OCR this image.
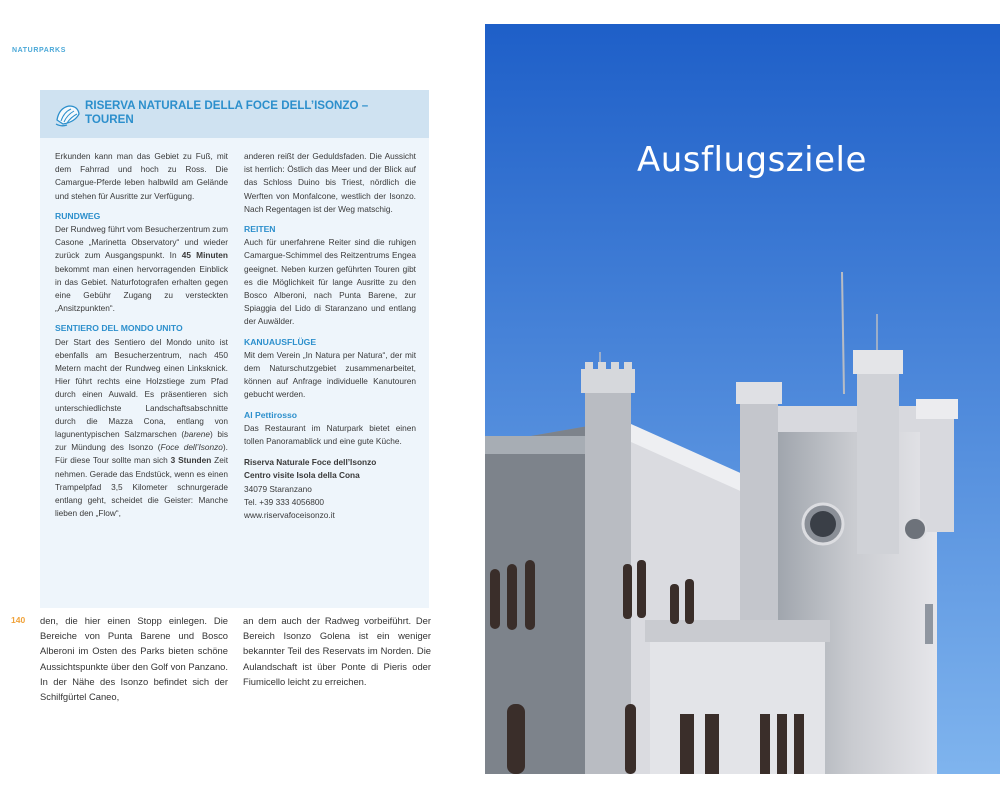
NATURPARKS
RISERVA NATURALE DELLA FOCE DELL’ISONZO – TOUREN

Erkunden kann man das Gebiet zu Fuß, mit dem Fahrrad und hoch zu Ross. Die Camargue-Pferde leben halbwild am Gelände und stehen für Ausritte zur Verfügung.

RUNDWEG

Der Rundweg führt vom Besucherzentrum zum Casone „Marinetta Observatory“ und wieder zurück zum Ausgangspunkt. In 45 Minuten bekommt man einen hervorragenden Einblick in das Gebiet. Naturfotografen erhalten gegen eine Gebühr Zugang zu versteckten „Ansitzpunkten“.

SENTIERO DEL MONDO UNITO

Der Start des Sentiero del Mondo unito ist ebenfalls am Besucherzentrum, nach 450 Metern macht der Rundweg einen Linksknick. Hier führt rechts eine Holzstiege zum Pfad durch einen Auwald. Es präsentieren sich unterschiedlichste Landschaftsabschnitte durch die Mazza Cona, entlang von lagunentypischen Salzmarschen (barene) bis zur Mündung des Isonzo (Foce dell’Isonzo). Für diese Tour sollte man sich 3 Stunden Zeit nehmen. Gerade das Endstück, wenn es einen Trampelpfad 3,5 Kilometer schnurgerade entlang geht, scheidet die Geister: Manche lieben den „Flow“,

anderen reißt der Geduldsfaden. Die Aussicht ist herrlich: Östlich das Meer und der Blick auf das Schloss Duino bis Triest, nördlich die Werften von Monfalcone, westlich der Isonzo. Nach Regentagen ist der Weg matschig.

REITEN

Auch für unerfahrene Reiter sind die ruhigen Camargue-Schimmel des Reitzentrums Engea geeignet. Neben kurzen geführten Touren gibt es die Möglichkeit für lange Ausritte zu den Bosco Alberoni, nach Punta Barene, zur Spiaggia del Lido di Staranzano und entlang der Auwälder.

KANUAUSFLÜGE

Mit dem Verein „In Natura per Natura“, der mit dem Naturschutzgebiet zusammenarbeitet, können auf Anfrage individuelle Kanutouren gebucht werden.

Al Pettirosso

Das Restaurant im Naturpark bietet einen tollen Panoramablick und eine gute Küche.

Riserva Naturale Foce dell’Isonzo
Centro visite Isola della Cona
34079 Staranzano
Tel. +39 333 4056800
www.riservafoceisonzo.it
140 den, die hier einen Stopp einlegen. Die Bereiche von Punta Barene und Bosco Alberoni im Osten des Parks bieten schöne Aussichtspunkte über den Golf von Panzano. In der Nähe des Isonzo befindet sich der Schilfgürtel Caneo,
an dem auch der Radweg vorbeiführt. Der Bereich Isonzo Golena ist ein weniger bekannter Teil des Reservats im Norden. Die Aulandschaft ist über Ponte di Pieris oder Fiumicello leicht zu erreichen.
Ausflugsziele
